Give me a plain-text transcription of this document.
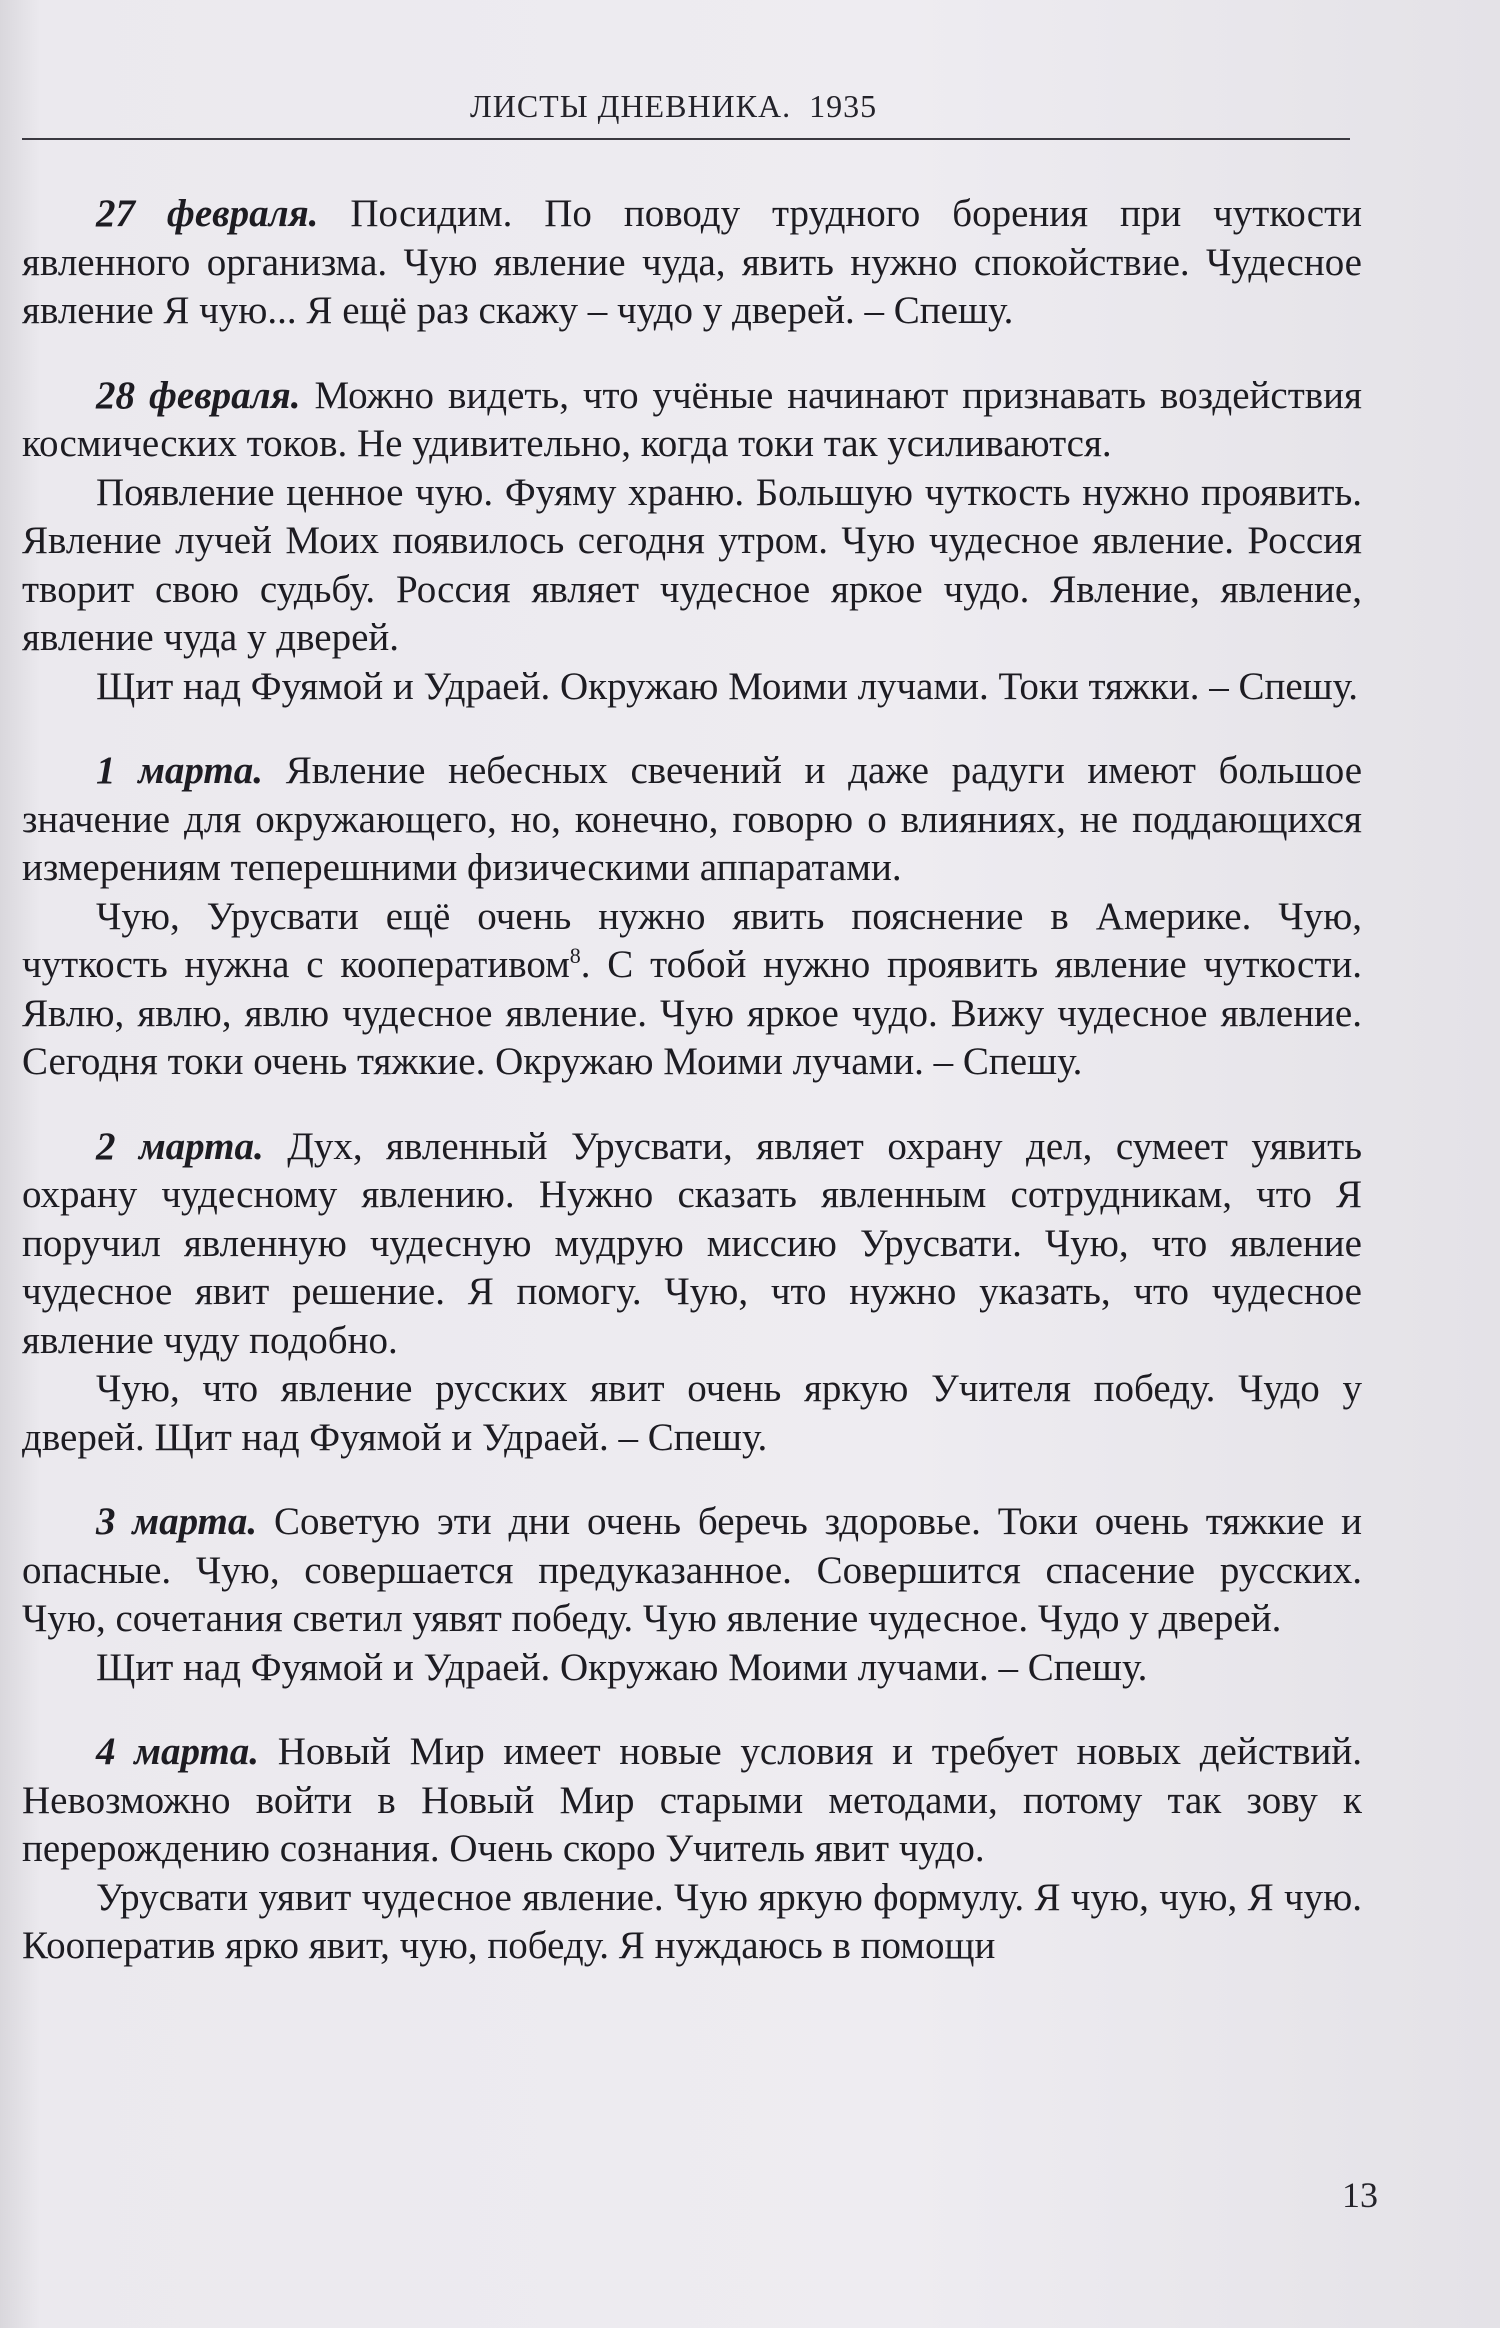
ЛИСТЫ ДНЕВНИКА. 1935

27 февраля. Посидим. По поводу трудного борения при чуткости явленного организма. Чую явление чуда, явить нужно спокойствие. Чудесное явление Я чую... Я ещё раз скажу – чудо у дверей. – Спешу.

28 февраля. Можно видеть, что учёные начинают признавать воздействия космических токов. Не удивительно, когда токи так усиливаются.

Появление ценное чую. Фуяму храню. Большую чуткость нужно проявить. Явление лучей Моих появилось сегодня утром. Чую чудесное явление. Россия творит свою судьбу. Россия являет чудесное яркое чудо. Явление, явление, явление чуда у дверей.

Щит над Фуямой и Удраей. Окружаю Моими лучами. Токи тяжки. – Спешу.

1 марта. Явление небесных свечений и даже радуги имеют большое значение для окружающего, но, конечно, говорю о влияниях, не поддающихся измерениям теперешними физическими аппаратами.

Чую, Урусвати ещё очень нужно явить пояснение в Америке. Чую, чуткость нужна с кооперативом$^8$. С тобой нужно проявить явление чуткости. Явлю, явлю, явлю чудесное явление. Чую яркое чудо. Вижу чудесное явление. Сегодня токи очень тяжкие. Окружаю Моими лучами. – Спешу.

2 марта. Дух, явленный Урусвати, являет охрану дел, сумеет уявить охрану чудесному явлению. Нужно сказать явленным сотрудникам, что Я поручил явленную чудесную мудрую миссию Урусвати. Чую, что явление чудесное явит решение. Я помогу. Чую, что нужно указать, что чудесное явление чуду подобно.

Чую, что явление русских явит очень яркую Учителя победу. Чудо у дверей. Щит над Фуямой и Удраей. – Спешу.

3 марта. Советую эти дни очень беречь здоровье. Токи очень тяжкие и опасные. Чую, совершается предуказанное. Совершится спасение русских. Чую, сочетания светил уявят победу. Чую явление чудесное. Чудо у дверей.

Щит над Фуямой и Удраей. Окружаю Моими лучами. – Спешу.

4 марта. Новый Мир имеет новые условия и требует новых действий. Невозможно войти в Новый Мир старыми методами, потому так зову к перерождению сознания. Очень скоро Учитель явит чудо.

Урусвати уявит чудесное явление. Чую яркую формулу. Я чую, чую, Я чую. Кооператив ярко явит, чую, победу. Я нуждаюсь в помощи

13
